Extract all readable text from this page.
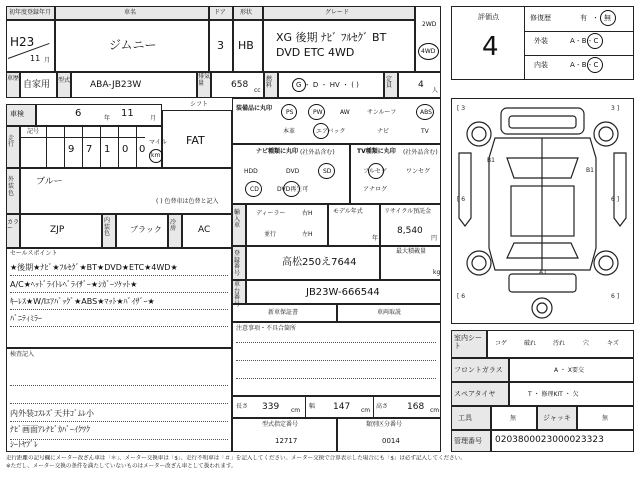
初年度登録年月	車名	ドア 形状	グレード
H23
11 月
ジムニー	3 HB
XG 後期 ﾅﾋﾞ ﾌﾙｾｸﾞ BT
DVD ETC 4WD
2WD
4WD
車歴
自家用 型式 ABA-JB23W
排気量	658
cc
燃料	G ・ D ・ HV ・ ( )
定員	4
人
評価点
4
修復歴	有 ・ 無
外装	A - B - C
内装	A - B - C
車検	6	年 11	月
シフト
FAT
走行
記号
9 7 1 0 0
マイル
km
装備品に丸印
PS	PW	AW	サンルーフ	ABS
本革	エアバック	ナビ	TV
ナビ種類に丸印 (社外品含む)
HDD	DVD	SD
CD	DVD再生可
TV種類に丸印 (社外品含む)
フルセグ	ワンセグ
アナログ
外装色
ブルー
( ) 色替車は色替と記入
カラー	ZJP
内装色	ブラック
冷房	AC
輸入車
ディーラー
並行
右H
左H
モデル年式
年
リサイクル預託金
8,540
円
最大積載量
kg
登録番号
高松250え7644
車台番号
JB23W-666544
セールスポイント
★後期★ﾅﾋﾞ★ﾌﾙｾｸﾞ★BT★DVD★ETC★4WD★
A/C★ﾍｯﾄﾞﾗｲﾄﾚﾍﾞﾗｲｻﾞｰ★ｼｶﾞｰｿｹｯﾄ★
ｷｰﾚｽ★W/Iｴｱﾊﾞｯｸﾞ★ABS★ﾏｯﾄ★ﾊﾞｲｻﾞｰ★
ﾊﾞﾆﾃｨﾐﾗｰ
新車保証書	車両取説
注意事項・不具合箇所
検査記入
内外装ｺｽﾚｽﾞ天井ｺﾞﾑﾚ小
ﾅﾋﾞ画面ｱﾚﾅﾋﾞｶﾊﾞｰｲｸﾜｸ
ｼｰﾄﾔﾌﾞﾚ
長さ 339 cm
幅 147 cm
高さ 168 cm
型式指定番号
12717
類別区分番号
0014
[ 3	3 ]
[ 6	6 ]
[ 6	6 ]
B1
B1
A1
室内シート	コゲ	破れ	汚れ	穴	キズ
フロントガラス	A ・ X要交
スペアタイヤ	T ・ 修理KIT ・ 欠
工具	無	ジャッキ	無
管理番号 0203800023000023323
走行距離の記号欄にメーター改ざん車は「＊」、メーター交換車は「$」、走行不明車は「＃」を記入してください。メーター交換で合算表示した場合にも「$」は必ず記入してください。
※ただし、メーター交換の条件を満たしていないものはメーター改ざん車として扱われます。
